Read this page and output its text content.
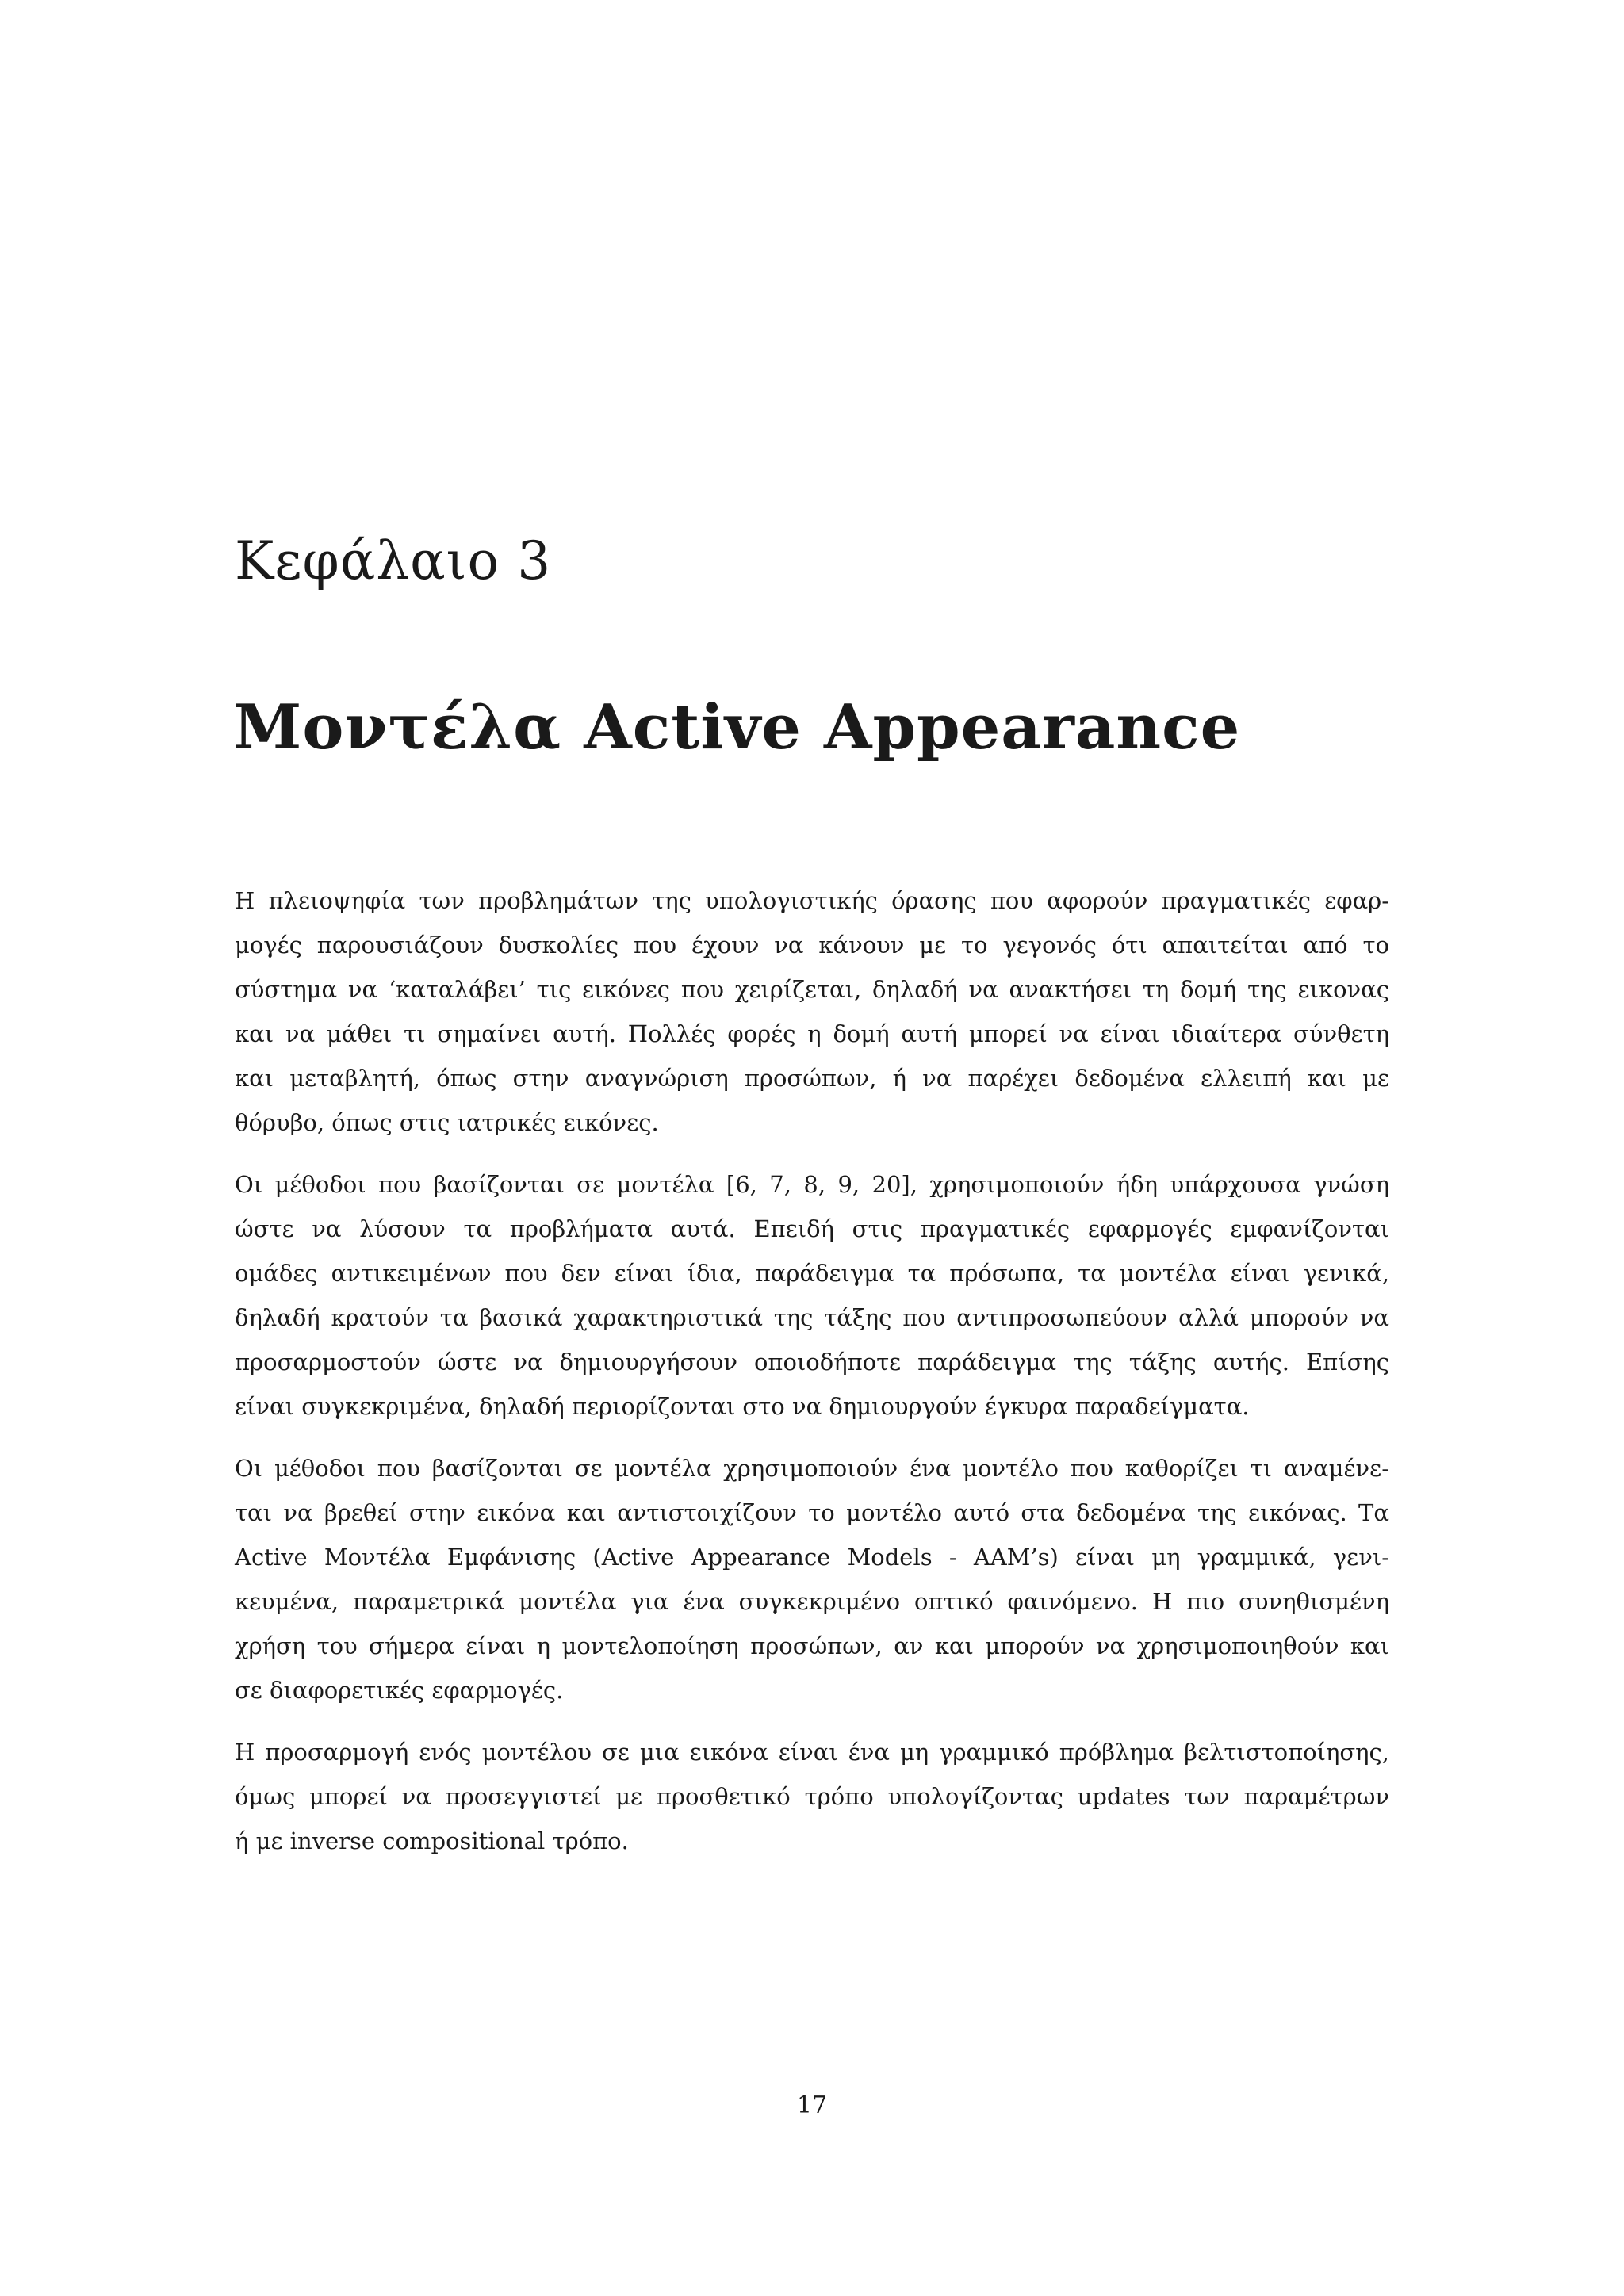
Κεφάλαιο 3
Μοντέλα Active Appearance

Η πλειοψηφία των προβλημάτων της υπολογιστικής όρασης που αφορούν πραγματικές εφαρ-
μογές παρουσιάζουν δυσκολίες που έχουν να κάνουν με το γεγονός ότι απαιτείται από το
σύστημα να ‘καταλάβει’ τις εικόνες που χειρίζεται, δηλαδή να ανακτήσει τη δομή της εικονας
και να μάθει τι σημαίνει αυτή. Πολλές φορές η δομή αυτή μπορεί να είναι ιδιαίτερα σύνθετη
και μεταβλητή, όπως στην αναγνώριση προσώπων, ή να παρέχει δεδομένα ελλειπή και με
θόρυβο, όπως στις ιατρικές εικόνες.

Οι μέθοδοι που βασίζονται σε μοντέλα [6, 7, 8, 9, 20], χρησιμοποιούν ήδη υπάρχουσα γνώση
ώστε να λύσουν τα προβλήματα αυτά. Επειδή στις πραγματικές εφαρμογές εμφανίζονται
ομάδες αντικειμένων που δεν είναι ίδια, παράδειγμα τα πρόσωπα, τα μοντέλα είναι γενικά,
δηλαδή κρατούν τα βασικά χαρακτηριστικά της τάξης που αντιπροσωπεύουν αλλά μπορούν να
προσαρμοστούν ώστε να δημιουργήσουν οποιοδήποτε παράδειγμα της τάξης αυτής. Επίσης
είναι συγκεκριμένα, δηλαδή περιορίζονται στο να δημιουργούν έγκυρα παραδείγματα.

Οι μέθοδοι που βασίζονται σε μοντέλα χρησιμοποιούν ένα μοντέλο που καθορίζει τι αναμένε-
ται να βρεθεί στην εικόνα και αντιστοιχίζουν το μοντέλο αυτό στα δεδομένα της εικόνας. Τα
Active Μοντέλα Εμφάνισης (Active Appearance Models - AAM’s) είναι μη γραμμικά, γενι-
κευμένα, παραμετρικά μοντέλα για ένα συγκεκριμένο οπτικό φαινόμενο. Η πιο συνηθισμένη
χρήση του σήμερα είναι η μοντελοποίηση προσώπων, αν και μπορούν να χρησιμοποιηθούν και
σε διαφορετικές εφαρμογές.

Η προσαρμογή ενός μοντέλου σε μια εικόνα είναι ένα μη γραμμικό πρόβλημα βελτιστοποίησης,
όμως μπορεί να προσεγγιστεί με προσθετικό τρόπο υπολογίζοντας updates των παραμέτρων
ή με inverse compositional τρόπο.

17
